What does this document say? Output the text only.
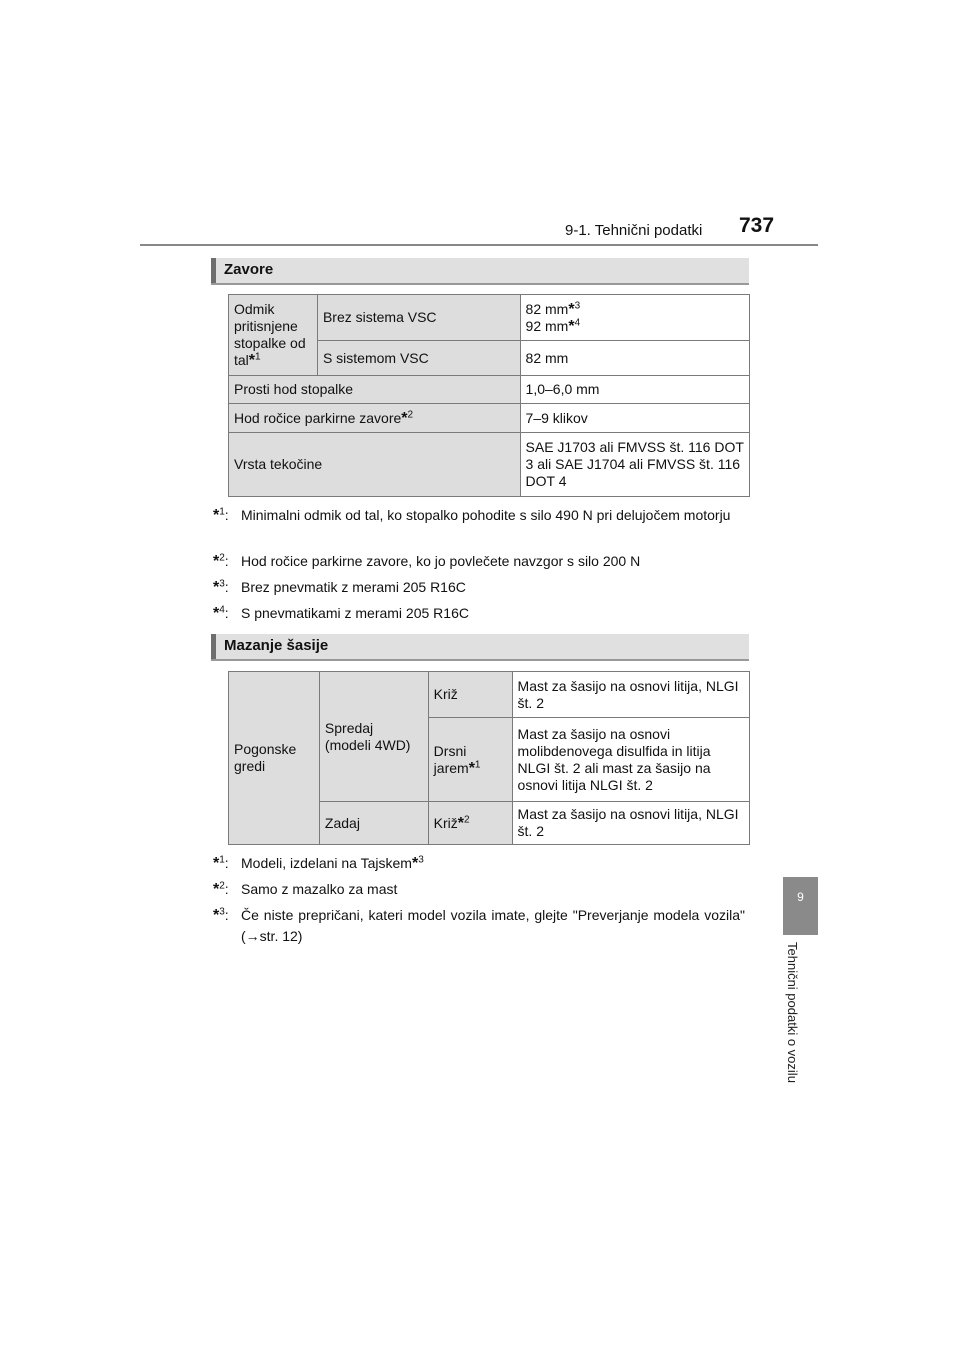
9-1. Tehnični podatki 737
9
Tehnični podatki o vozilu
Zavore
Odmik pritisnjene stopalke od tal*$^1$	Brez sistema VSC	82 mm*$^3$
92 mm*$^4$
	S sistemom VSC	82 mm
Prosti hod stopalke		1,0–6,0 mm
Hod ročice parkirne zavore*$^2$		7–9 klikov
Vrsta tekočine		SAE J1703 ali FMVSS št. 116 DOT 3 ali SAE J1704 ali FMVSS št. 116 DOT 4
*$^1$: Minimalni odmik od tal, ko stopalko pohodite s silo 490 N pri delujočem motorju
*$^2$: Hod ročice parkirne zavore, ko jo povlečete navzgor s silo 200 N
*$^3$: Brez pnevmatik z merami 205 R16C
*$^4$: S pnevmatikami z merami 205 R16C
Mazanje šasije
Pogonske gredi	Spredaj (modeli 4WD)	Križ	Mast za šasijo na osnovi litija, NLGI št. 2
		Drsni jarem*$^1$	Mast za šasijo na osnovi molibdenovega disulfida in litija NLGI št. 2 ali mast za šasijo na osnovi litija NLGI št. 2
	Zadaj	Križ*$^2$	Mast za šasijo na osnovi litija, NLGI št. 2
*$^1$: Modeli, izdelani na Tajskem*$^3$
*$^2$: Samo z mazalko za mast
*$^3$: Če niste prepričani, kateri model vozila imate, glejte "Preverjanje modela vozila" (→str. 12)
